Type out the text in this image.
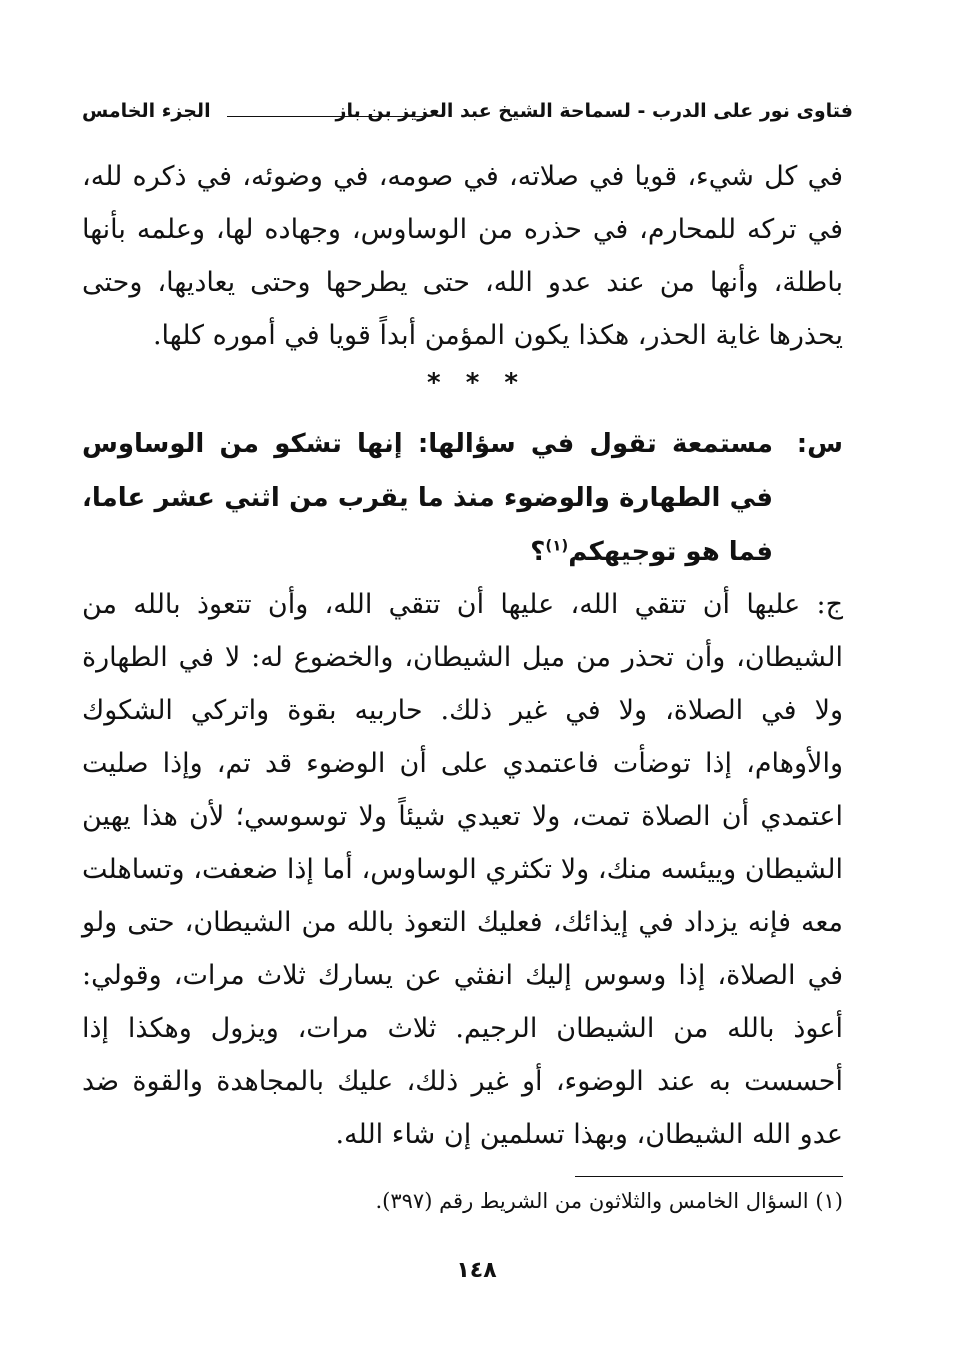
فتاوى نور على الدرب - لسماحة الشيخ عبد العزيز بن باز
الجزء الخامس

في كل شيء، قويا في صلاته، في صومه، في وضوئه، في ذكره لله، في تركه للمحارم، في حذره من الوساوس، وجهاده لها، وعلمه بأنها باطلة، وأنها من عند عدو الله، حتى يطرحها وحتى يعاديها، وحتى يحذرها غاية الحذر، هكذا يكون المؤمن أبداً قويا في أموره كلها.

* * *
س:
مستمعة تقول في سؤالها: إنها تشكو من الوساوس في الطهارة والوضوء منذ ما يقرب من اثني عشر عاما، فما هو توجيهكم$^{(١)}$؟

ج: عليها أن تتقي الله، عليها أن تتقي الله، وأن تتعوذ بالله من الشيطان، وأن تحذر من ميل الشيطان، والخضوع له: لا في الطهارة ولا في الصلاة، ولا في غير ذلك. حاربيه بقوة واتركي الشكوك والأوهام، إذا توضأت فاعتمدي على أن الوضوء قد تم، وإذا صليت اعتمدي أن الصلاة تمت، ولا تعيدي شيئاً ولا توسوسي؛ لأن هذا يهين الشيطان وييئسه منك، ولا تكثري الوساوس، أما إذا ضعفت، وتساهلت معه فإنه يزداد في إيذائك، فعليك التعوذ بالله من الشيطان، حتى ولو في الصلاة، إذا وسوس إليك انفثي عن يسارك ثلاث مرات، وقولي: أعوذ بالله من الشيطان الرجيم. ثلاث مرات، ويزول وهكذا إذا أحسست به عند الوضوء، أو غير ذلك، عليك بالمجاهدة والقوة ضد عدو الله الشيطان، وبهذا تسلمين إن شاء الله.

(١) السؤال الخامس والثلاثون من الشريط رقم (٣٩٧).
١٤٨
